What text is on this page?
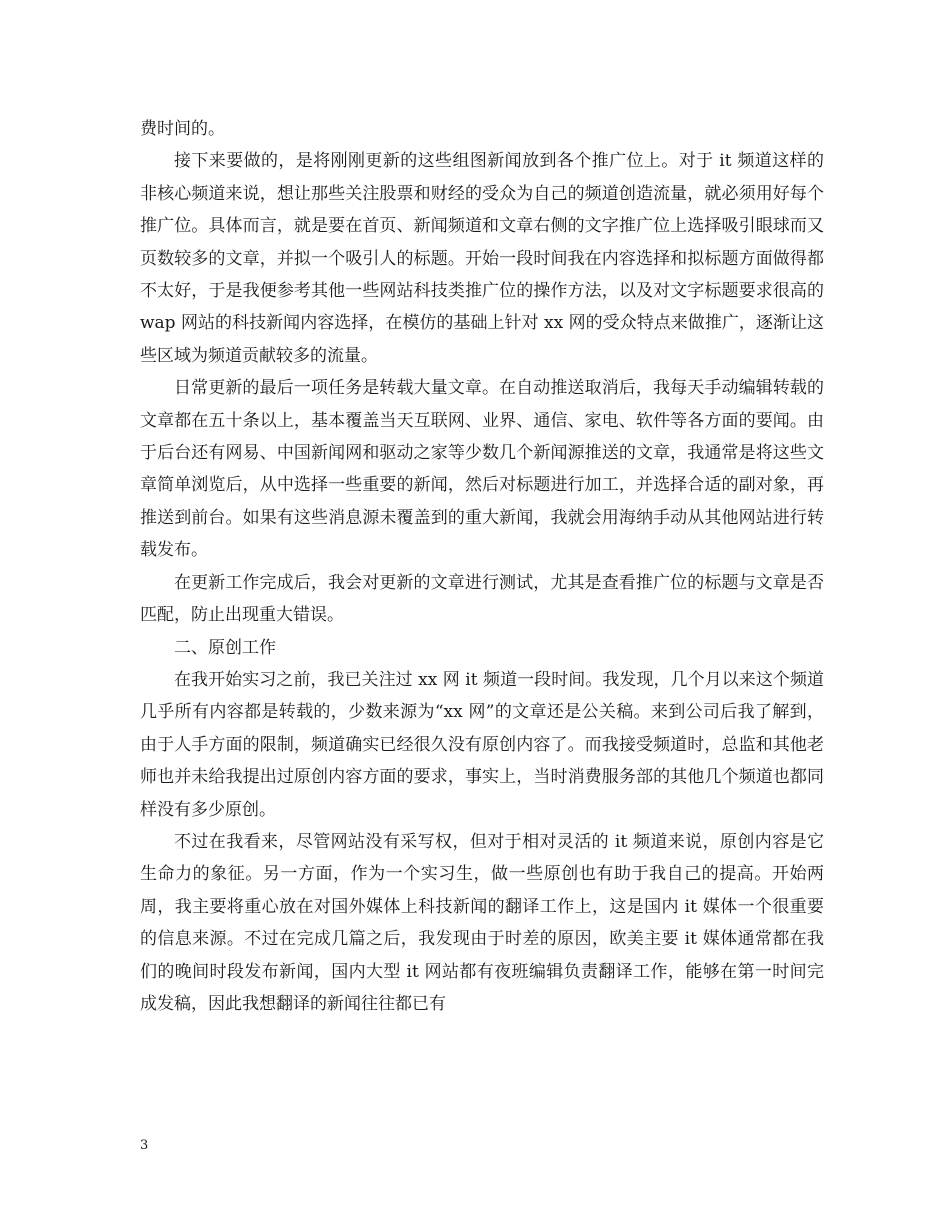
费时间的。

接下来要做的，是将刚刚更新的这些组图新闻放到各个推广位上。对于 it 频道这样的非核心频道来说，想让那些关注股票和财经的受众为自己的频道创造流量，就必须用好每个推广位。具体而言，就是要在首页、新闻频道和文章右侧的文字推广位上选择吸引眼球而又页数较多的文章，并拟一个吸引人的标题。开始一段时间我在内容选择和拟标题方面做得都不太好，于是我便参考其他一些网站科技类推广位的操作方法，以及对文字标题要求很高的 wap 网站的科技新闻内容选择，在模仿的基础上针对 xx 网的受众特点来做推广，逐渐让这些区域为频道贡献较多的流量。

日常更新的最后一项任务是转载大量文章。在自动推送取消后，我每天手动编辑转载的文章都在五十条以上，基本覆盖当天互联网、业界、通信、家电、软件等各方面的要闻。由于后台还有网易、中国新闻网和驱动之家等少数几个新闻源推送的文章，我通常是将这些文章简单浏览后，从中选择一些重要的新闻，然后对标题进行加工，并选择合适的副对象，再推送到前台。如果有这些消息源未覆盖到的重大新闻，我就会用海纳手动从其他网站进行转载发布。

在更新工作完成后，我会对更新的文章进行测试，尤其是查看推广位的标题与文章是否匹配，防止出现重大错误。

二、原创工作

在我开始实习之前，我已关注过 xx 网 it 频道一段时间。我发现，几个月以来这个频道几乎所有内容都是转载的，少数来源为“xx 网”的文章还是公关稿。来到公司后我了解到，由于人手方面的限制，频道确实已经很久没有原创内容了。而我接受频道时，总监和其他老师也并未给我提出过原创内容方面的要求，事实上，当时消费服务部的其他几个频道也都同样没有多少原创。

不过在我看来，尽管网站没有采写权，但对于相对灵活的 it 频道来说，原创内容是它生命力的象征。另一方面，作为一个实习生，做一些原创也有助于我自己的提高。开始两周，我主要将重心放在对国外媒体上科技新闻的翻译工作上，这是国内 it 媒体一个很重要的信息来源。不过在完成几篇之后，我发现由于时差的原因，欧美主要 it 媒体通常都在我们的晚间时段发布新闻，国内大型 it 网站都有夜班编辑负责翻译工作，能够在第一时间完成发稿，因此我想翻译的新闻往往都已有

3
